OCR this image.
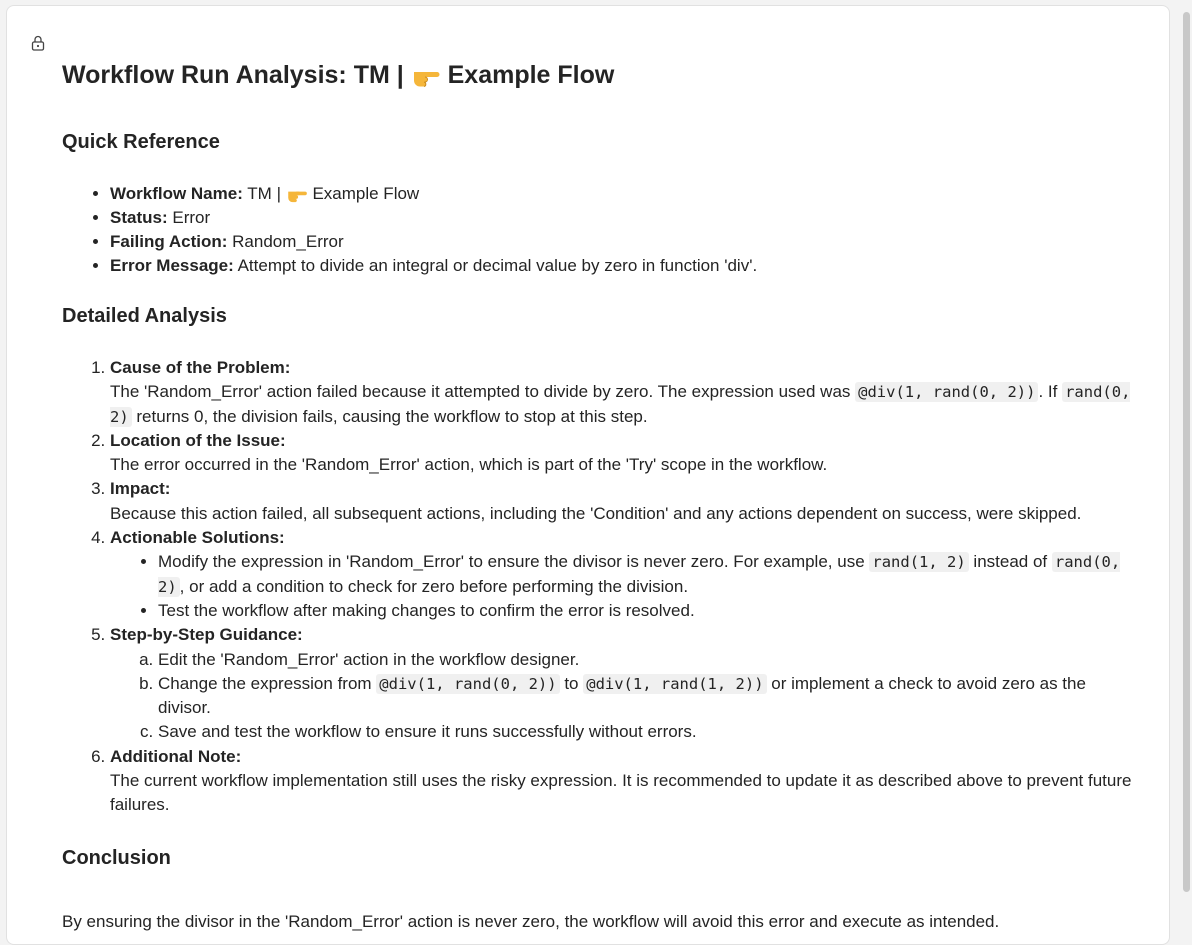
Workflow Run Analysis: TM |  Example Flow
Quick Reference
• Workflow Name: TM |  Example Flow
• Status: Error
• Failing Action: Random_Error
• Error Message: Attempt to divide an integral or decimal value by zero in function 'div'.
Detailed Analysis
1. Cause of the Problem:
The 'Random_Error' action failed because it attempted to divide by zero. The expression used was @div(1, rand(0, 2)) . If rand(0, 2) returns 0, the division fails, causing the workflow to stop at this step.
2. Location of the Issue:
The error occurred in the 'Random_Error' action, which is part of the 'Try' scope in the workflow.
3. Impact:
Because this action failed, all subsequent actions, including the 'Condition' and any actions dependent on success, were skipped.
4. Actionable Solutions:
• Modify the expression in 'Random_Error' to ensure the divisor is never zero. For example, use rand(1, 2) instead of rand(0, 2) , or add a condition to check for zero before performing the division.
• Test the workflow after making changes to confirm the error is resolved.
5. Step-by-Step Guidance:
a. Edit the 'Random_Error' action in the workflow designer.
b. Change the expression from @div(1, rand(0, 2)) to @div(1, rand(1, 2)) or implement a check to avoid zero as the divisor.
c. Save and test the workflow to ensure it runs successfully without errors.
6. Additional Note:
The current workflow implementation still uses the risky expression. It is recommended to update it as described above to prevent future failures.
Conclusion

By ensuring the divisor in the 'Random_Error' action is never zero, the workflow will avoid this error and execute as intended.
